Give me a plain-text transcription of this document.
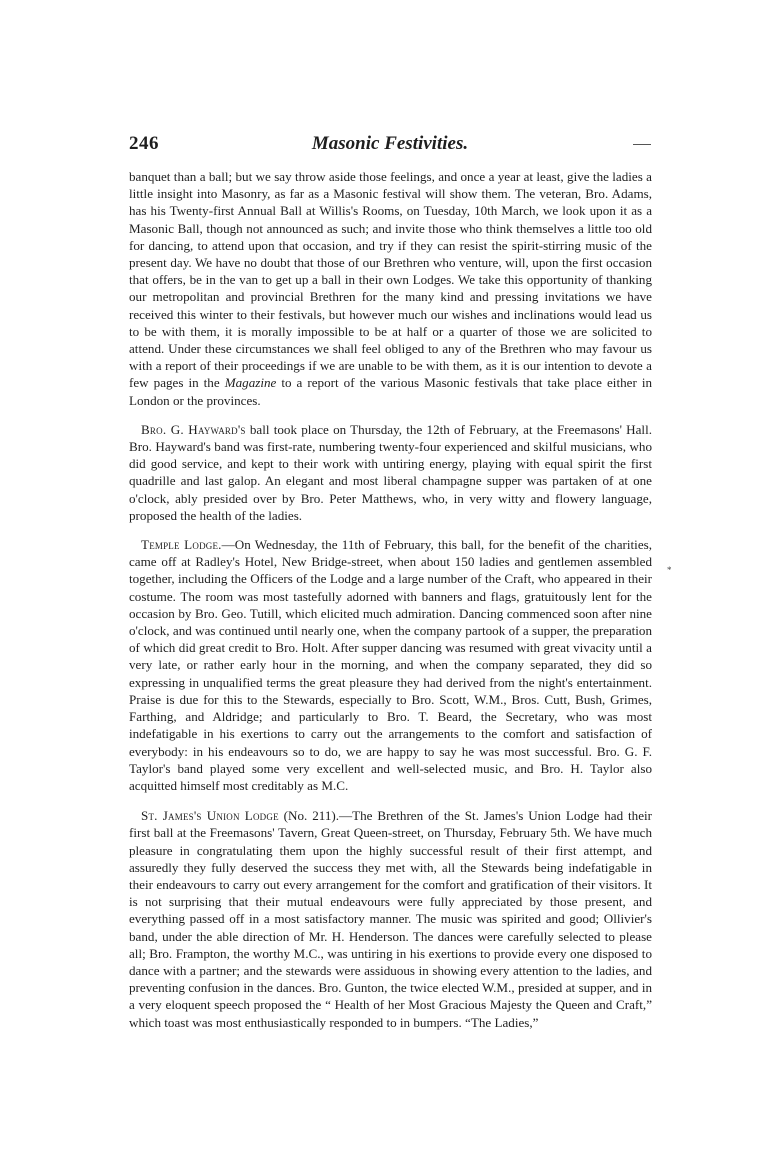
246	Masonic Festivities.

banquet than a ball; but we say throw aside those feelings, and once a year at least, give the ladies a little insight into Masonry, as far as a Masonic festival will show them. The veteran, Bro. Adams, has his Twenty-first Annual Ball at Willis's Rooms, on Tuesday, 10th March, we look upon it as a Masonic Ball, though not announced as such; and invite those who think themselves a little too old for dancing, to attend upon that occasion, and try if they can resist the spirit-stirring music of the present day. We have no doubt that those of our Brethren who venture, will, upon the first occasion that offers, be in the van to get up a ball in their own Lodges. We take this opportunity of thanking our metropolitan and provincial Brethren for the many kind and pressing invitations we have received this winter to their festivals, but however much our wishes and inclinations would lead us to be with them, it is morally impossible to be at half or a quarter of those we are solicited to attend. Under these circumstances we shall feel obliged to any of the Brethren who may favour us with a report of their proceedings if we are unable to be with them, as it is our intention to devote a few pages in the Magazine to a report of the various Masonic festivals that take place either in London or the provinces.

Bro. G. Hayward's ball took place on Thursday, the 12th of February, at the Freemasons' Hall. Bro. Hayward's band was first-rate, numbering twenty-four experienced and skilful musicians, who did good service, and kept to their work with untiring energy, playing with equal spirit the first quadrille and last galop. An elegant and most liberal champagne supper was partaken of at one o'clock, ably presided over by Bro. Peter Matthews, who, in very witty and flowery language, proposed the health of the ladies.

Temple Lodge.—On Wednesday, the 11th of February, this ball, for the benefit of the charities, came off at Radley's Hotel, New Bridge-street, when about 150 ladies and gentlemen assembled together, including the Officers of the Lodge and a large number of the Craft, who appeared in their costume. The room was most tastefully adorned with banners and flags, gratuitously lent for the occasion by Bro. Geo. Tutill, which elicited much admiration. Dancing commenced soon after nine o'clock, and was continued until nearly one, when the company partook of a supper, the preparation of which did great credit to Bro. Holt. After supper dancing was resumed with great vivacity until a very late, or rather early hour in the morning, and when the company separated, they did so expressing in unqualified terms the great pleasure they had derived from the night's entertainment. Praise is due for this to the Stewards, especially to Bro. Scott, W.M., Bros. Cutt, Bush, Grimes, Farthing, and Aldridge; and particularly to Bro. T. Beard, the Secretary, who was most indefatigable in his exertions to carry out the arrangements to the comfort and satisfaction of everybody: in his endeavours so to do, we are happy to say he was most successful. Bro. G. F. Taylor's band played some very excellent and well-selected music, and Bro. H. Taylor also acquitted himself most creditably as M.C.

St. James's Union Lodge (No. 211).—The Brethren of the St. James's Union Lodge had their first ball at the Freemasons' Tavern, Great Queen-street, on Thursday, February 5th. We have much pleasure in congratulating them upon the highly successful result of their first attempt, and assuredly they fully deserved the success they met with, all the Stewards being indefatigable in their endeavours to carry out every arrangement for the comfort and gratification of their visitors. It is not surprising that their mutual endeavours were fully appreciated by those present, and everything passed off in a most satisfactory manner. The music was spirited and good; Ollivier's band, under the able direction of Mr. H. Henderson. The dances were carefully selected to please all; Bro. Frampton, the worthy M.C., was untiring in his exertions to provide every one disposed to dance with a partner; and the stewards were assiduous in showing every attention to the ladies, and preventing confusion in the dances. Bro. Gunton, the twice elected W.M., presided at supper, and in a very eloquent speech proposed the “ Health of her Most Gracious Majesty the Queen and Craft,” which toast was most enthusiastically responded to in bumpers. “The Ladies,”

*
